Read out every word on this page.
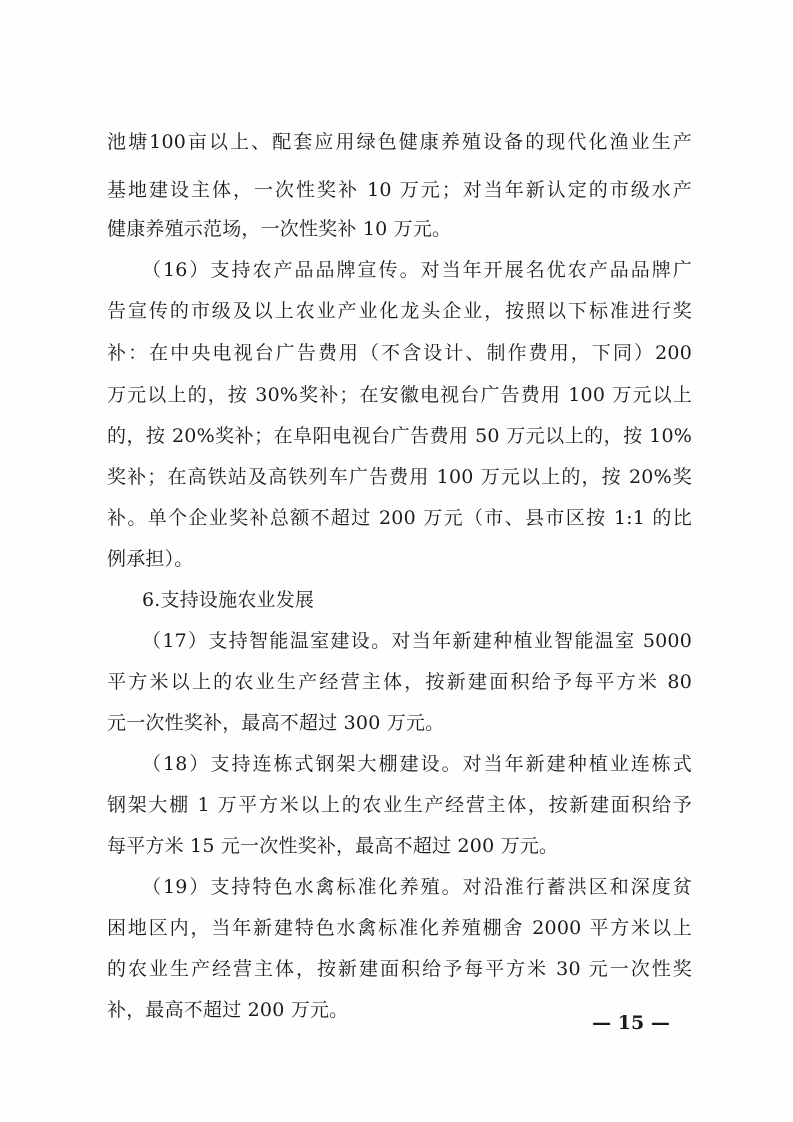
池塘100亩以上、配套应用绿色健康养殖设备的现代化渔业生产
基地建设主体，一次性奖补 10 万元；对当年新认定的市级水产
健康养殖示范场，一次性奖补 10 万元。
（16）支持农产品品牌宣传。对当年开展名优农产品品牌广
告宣传的市级及以上农业产业化龙头企业，按照以下标准进行奖
补：在中央电视台广告费用（不含设计、制作费用，下同）200
万元以上的，按 30%奖补；在安徽电视台广告费用 100 万元以上
的，按 20%奖补；在阜阳电视台广告费用 50 万元以上的，按 10%
奖补；在高铁站及高铁列车广告费用 100 万元以上的，按 20%奖
补。单个企业奖补总额不超过 200 万元（市、县市区按 1:1 的比
例承担）。
6.支持设施农业发展
（17）支持智能温室建设。对当年新建种植业智能温室 5000
平方米以上的农业生产经营主体，按新建面积给予每平方米 80
元一次性奖补，最高不超过 300 万元。
（18）支持连栋式钢架大棚建设。对当年新建种植业连栋式
钢架大棚 1 万平方米以上的农业生产经营主体，按新建面积给予
每平方米 15 元一次性奖补，最高不超过 200 万元。
（19）支持特色水禽标准化养殖。对沿淮行蓄洪区和深度贫
困地区内，当年新建特色水禽标准化养殖棚舍 2000 平方米以上
的农业生产经营主体，按新建面积给予每平方米 30 元一次性奖
补，最高不超过 200 万元。
— 15 —
